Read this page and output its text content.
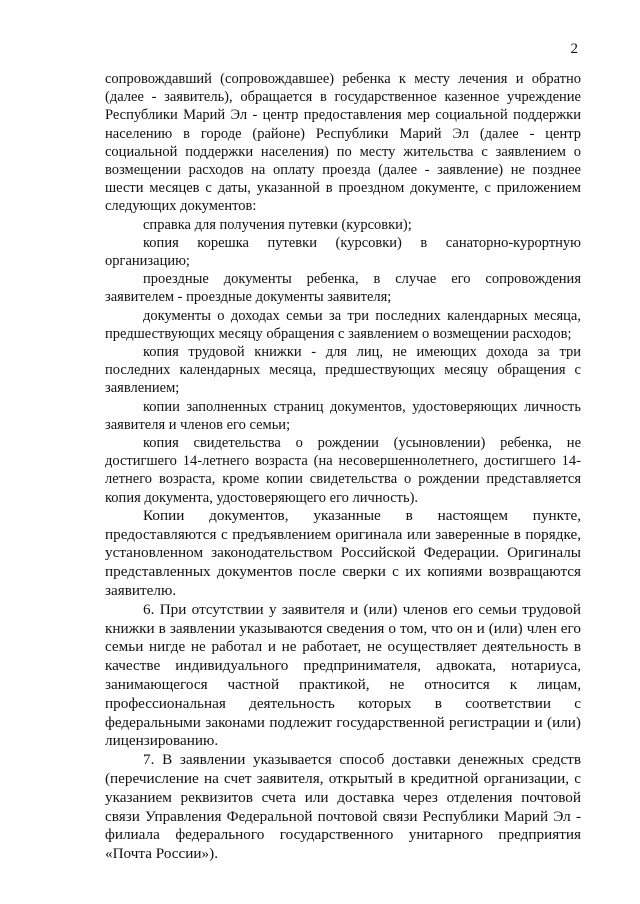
2

сопровождавший (сопровождавшее) ребенка к месту лечения и обратно (далее - заявитель), обращается в государственное казенное учреждение Республики Марий Эл - центр предоставления мер социальной поддержки населению в городе (районе) Республики Марий Эл (далее - центр социальной поддержки населения) по месту жительства с заявлением о возмещении расходов на оплату проезда (далее - заявление) не позднее шести месяцев с даты, указанной в проездном документе, с приложением следующих документов:

справка для получения путевки (курсовки);

копия корешка путевки (курсовки) в санаторно-курортную организацию;

проездные документы ребенка, в случае его сопровождения заявителем - проездные документы заявителя;

документы о доходах семьи за три последних календарных месяца, предшествующих месяцу обращения с заявлением о возмещении расходов;

копия трудовой книжки - для лиц, не имеющих дохода за три последних календарных месяца, предшествующих месяцу обращения с заявлением;

копии заполненных страниц документов, удостоверяющих личность заявителя и членов его семьи;

копия свидетельства о рождении (усыновлении) ребенка, не достигшего 14-летнего возраста (на несовершеннолетнего, достигшего 14-летнего возраста, кроме копии свидетельства о рождении представляется копия документа, удостоверяющего его личность).

Копии документов, указанные в настоящем пункте, предоставляются с предъявлением оригинала или заверенные в порядке, установленном законодательством Российской Федерации. Оригиналы представленных документов после сверки с их копиями возвращаются заявителю.

6. При отсутствии у заявителя и (или) членов его семьи трудовой книжки в заявлении указываются сведения о том, что он и (или) член его семьи нигде не работал и не работает, не осуществляет деятельность в качестве индивидуального предпринимателя, адвоката, нотариуса, занимающегося частной практикой, не относится к лицам, профессиональная деятельность которых в соответствии с федеральными законами подлежит государственной регистрации и (или) лицензированию.

7. В заявлении указывается способ доставки денежных средств (перечисление на счет заявителя, открытый в кредитной организации, с указанием реквизитов счета или доставка через отделения почтовой связи Управления Федеральной почтовой связи Республики Марий Эл - филиала федерального государственного унитарного предприятия «Почта России»).
